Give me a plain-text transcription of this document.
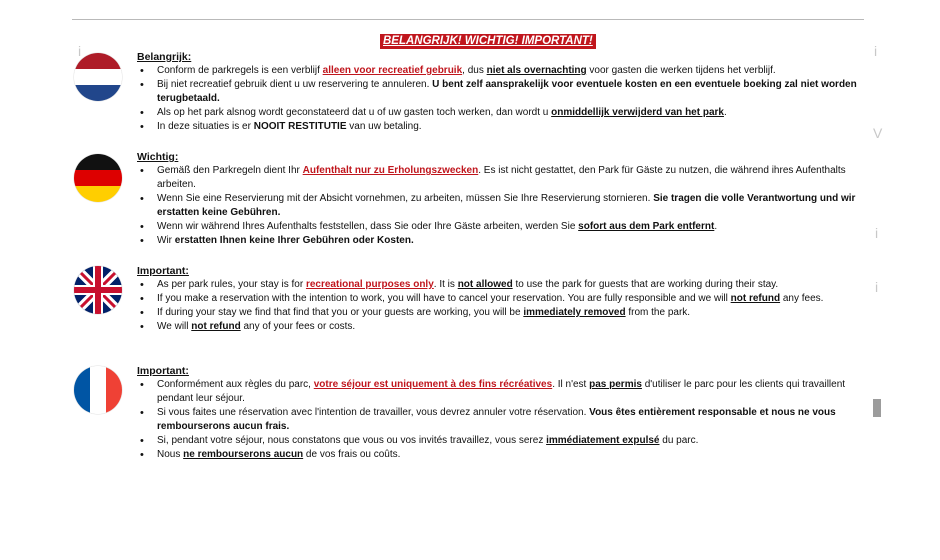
BELANGRIJK! WICHTIG! IMPORTANT!
i	i
V
i
i
Belangrijk:
• Conform de parkregels is een verblijf alleen voor recreatief gebruik, dus niet als overnachting voor gasten die werken tijdens het verblijf.
• Bij niet recreatief gebruik dient u uw reservering te annuleren. U bent zelf aansprakelijk voor eventuele kosten en een eventuele boeking zal niet worden terugbetaald.
• Als op het park alsnog wordt geconstateerd dat u of uw gasten toch werken, dan wordt u onmiddellijk verwijderd van het park.
• In deze situaties is er NOOIT RESTITUTIE van uw betaling.
Wichtig:
• Gemäß den Parkregeln dient Ihr Aufenthalt nur zu Erholungszwecken. Es ist nicht gestattet, den Park für Gäste zu nutzen, die während ihres Aufenthalts arbeiten.
• Wenn Sie eine Reservierung mit der Absicht vornehmen, zu arbeiten, müssen Sie Ihre Reservierung stornieren. Sie tragen die volle Verantwortung und wir erstatten keine Gebühren.
• Wenn wir während Ihres Aufenthalts feststellen, dass Sie oder Ihre Gäste arbeiten, werden Sie sofort aus dem Park entfernt.
• Wir erstatten Ihnen keine Ihrer Gebühren oder Kosten.
Important:
• As per park rules, your stay is for recreational purposes only. It is not allowed to use the park for guests that are working during their stay.
• If you make a reservation with the intention to work, you will have to cancel your reservation. You are fully responsible and we will not refund any fees.
• If during your stay we find that find that you or your guests are working, you will be immediately removed from the park.
• We will not refund any of your fees or costs.
Important:
• Conformément aux règles du parc, votre séjour est uniquement à des fins récréatives. Il n'est pas permis d'utiliser le parc pour les clients qui travaillent pendant leur séjour.
• Si vous faites une réservation avec l'intention de travailler, vous devrez annuler votre réservation. Vous êtes entièrement responsable et nous ne vous rembourserons aucun frais.
• Si, pendant votre séjour, nous constatons que vous ou vos invités travaillez, vous serez immédiatement expulsé du parc.
• Nous ne rembourserons aucun de vos frais ou coûts.
